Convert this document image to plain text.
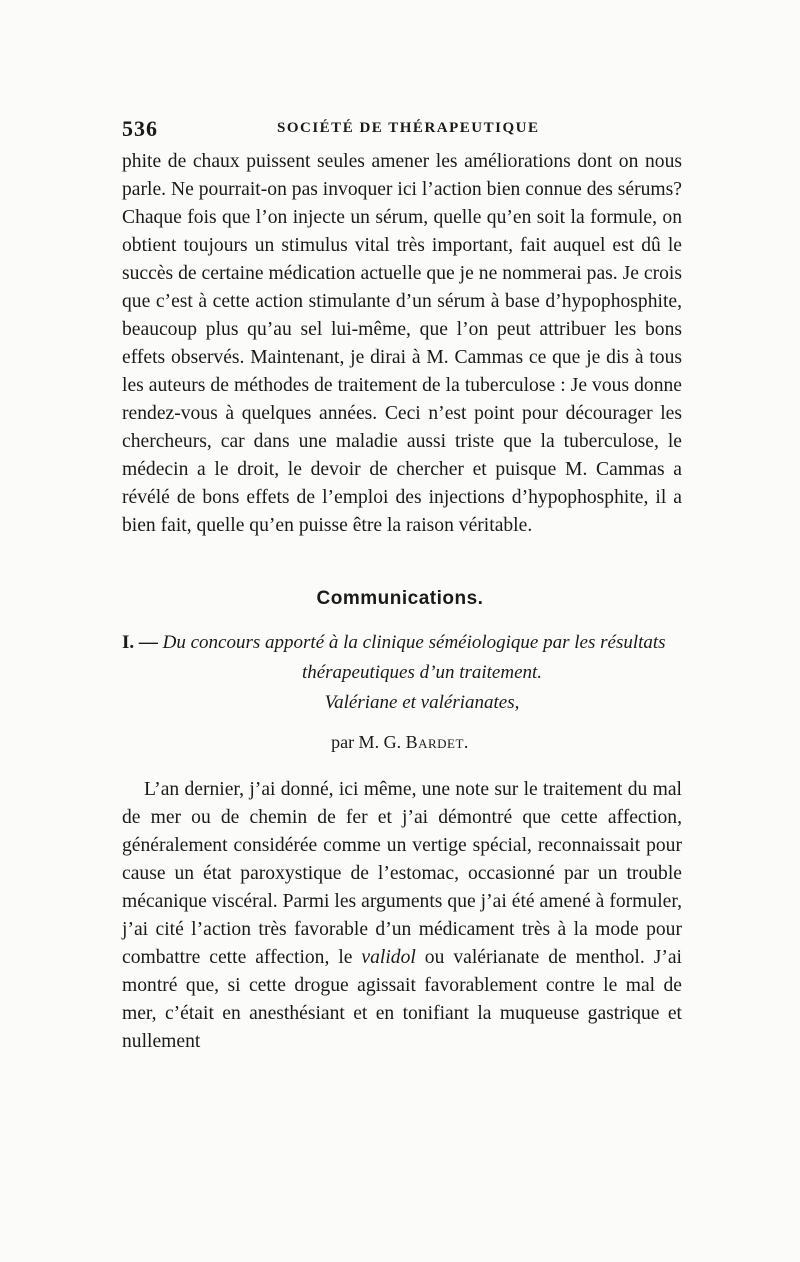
536	SOCIÉTÉ DE THÉRAPEUTIQUE

phite de chaux puissent seules amener les améliorations dont on nous parle. Ne pourrait-on pas invoquer ici l’action bien connue des sérums? Chaque fois que l’on injecte un sérum, quelle qu’en soit la formule, on obtient toujours un stimulus vital très important, fait auquel est dû le succès de certaine médication actuelle que je ne nommerai pas. Je crois que c’est à cette action stimulante d’un sérum à base d’hypophosphite, beaucoup plus qu’au sel lui-même, que l’on peut attribuer les bons effets observés. Maintenant, je dirai à M. Cammas ce que je dis à tous les auteurs de méthodes de traitement de la tuberculose : Je vous donne rendez-vous à quelques années. Ceci n’est point pour décourager les chercheurs, car dans une maladie aussi triste que la tuberculose, le médecin a le droit, le devoir de chercher et puisque M. Cammas a révélé de bons effets de l’emploi des injections d’hypophosphite, il a bien fait, quelle qu’en puisse être la raison véritable.

Communications.

I. — Du concours apporté à la clinique séméiologique par les résultats
thérapeutiques d’un traitement.
Valériane et valérianates,

par M. G. Bardet.

L’an dernier, j’ai donné, ici même, une note sur le traitement du mal de mer ou de chemin de fer et j’ai démontré que cette affection, généralement considérée comme un vertige spécial, reconnaissait pour cause un état paroxystique de l’estomac, occasionné par un trouble mécanique viscéral. Parmi les arguments que j’ai été amené à formuler, j’ai cité l’action très favorable d’un médicament très à la mode pour combattre cette affection, le validol ou valérianate de menthol. J’ai montré que, si cette drogue agissait favorablement contre le mal de mer, c’était en anesthésiant et en tonifiant la muqueuse gastrique et nullement
